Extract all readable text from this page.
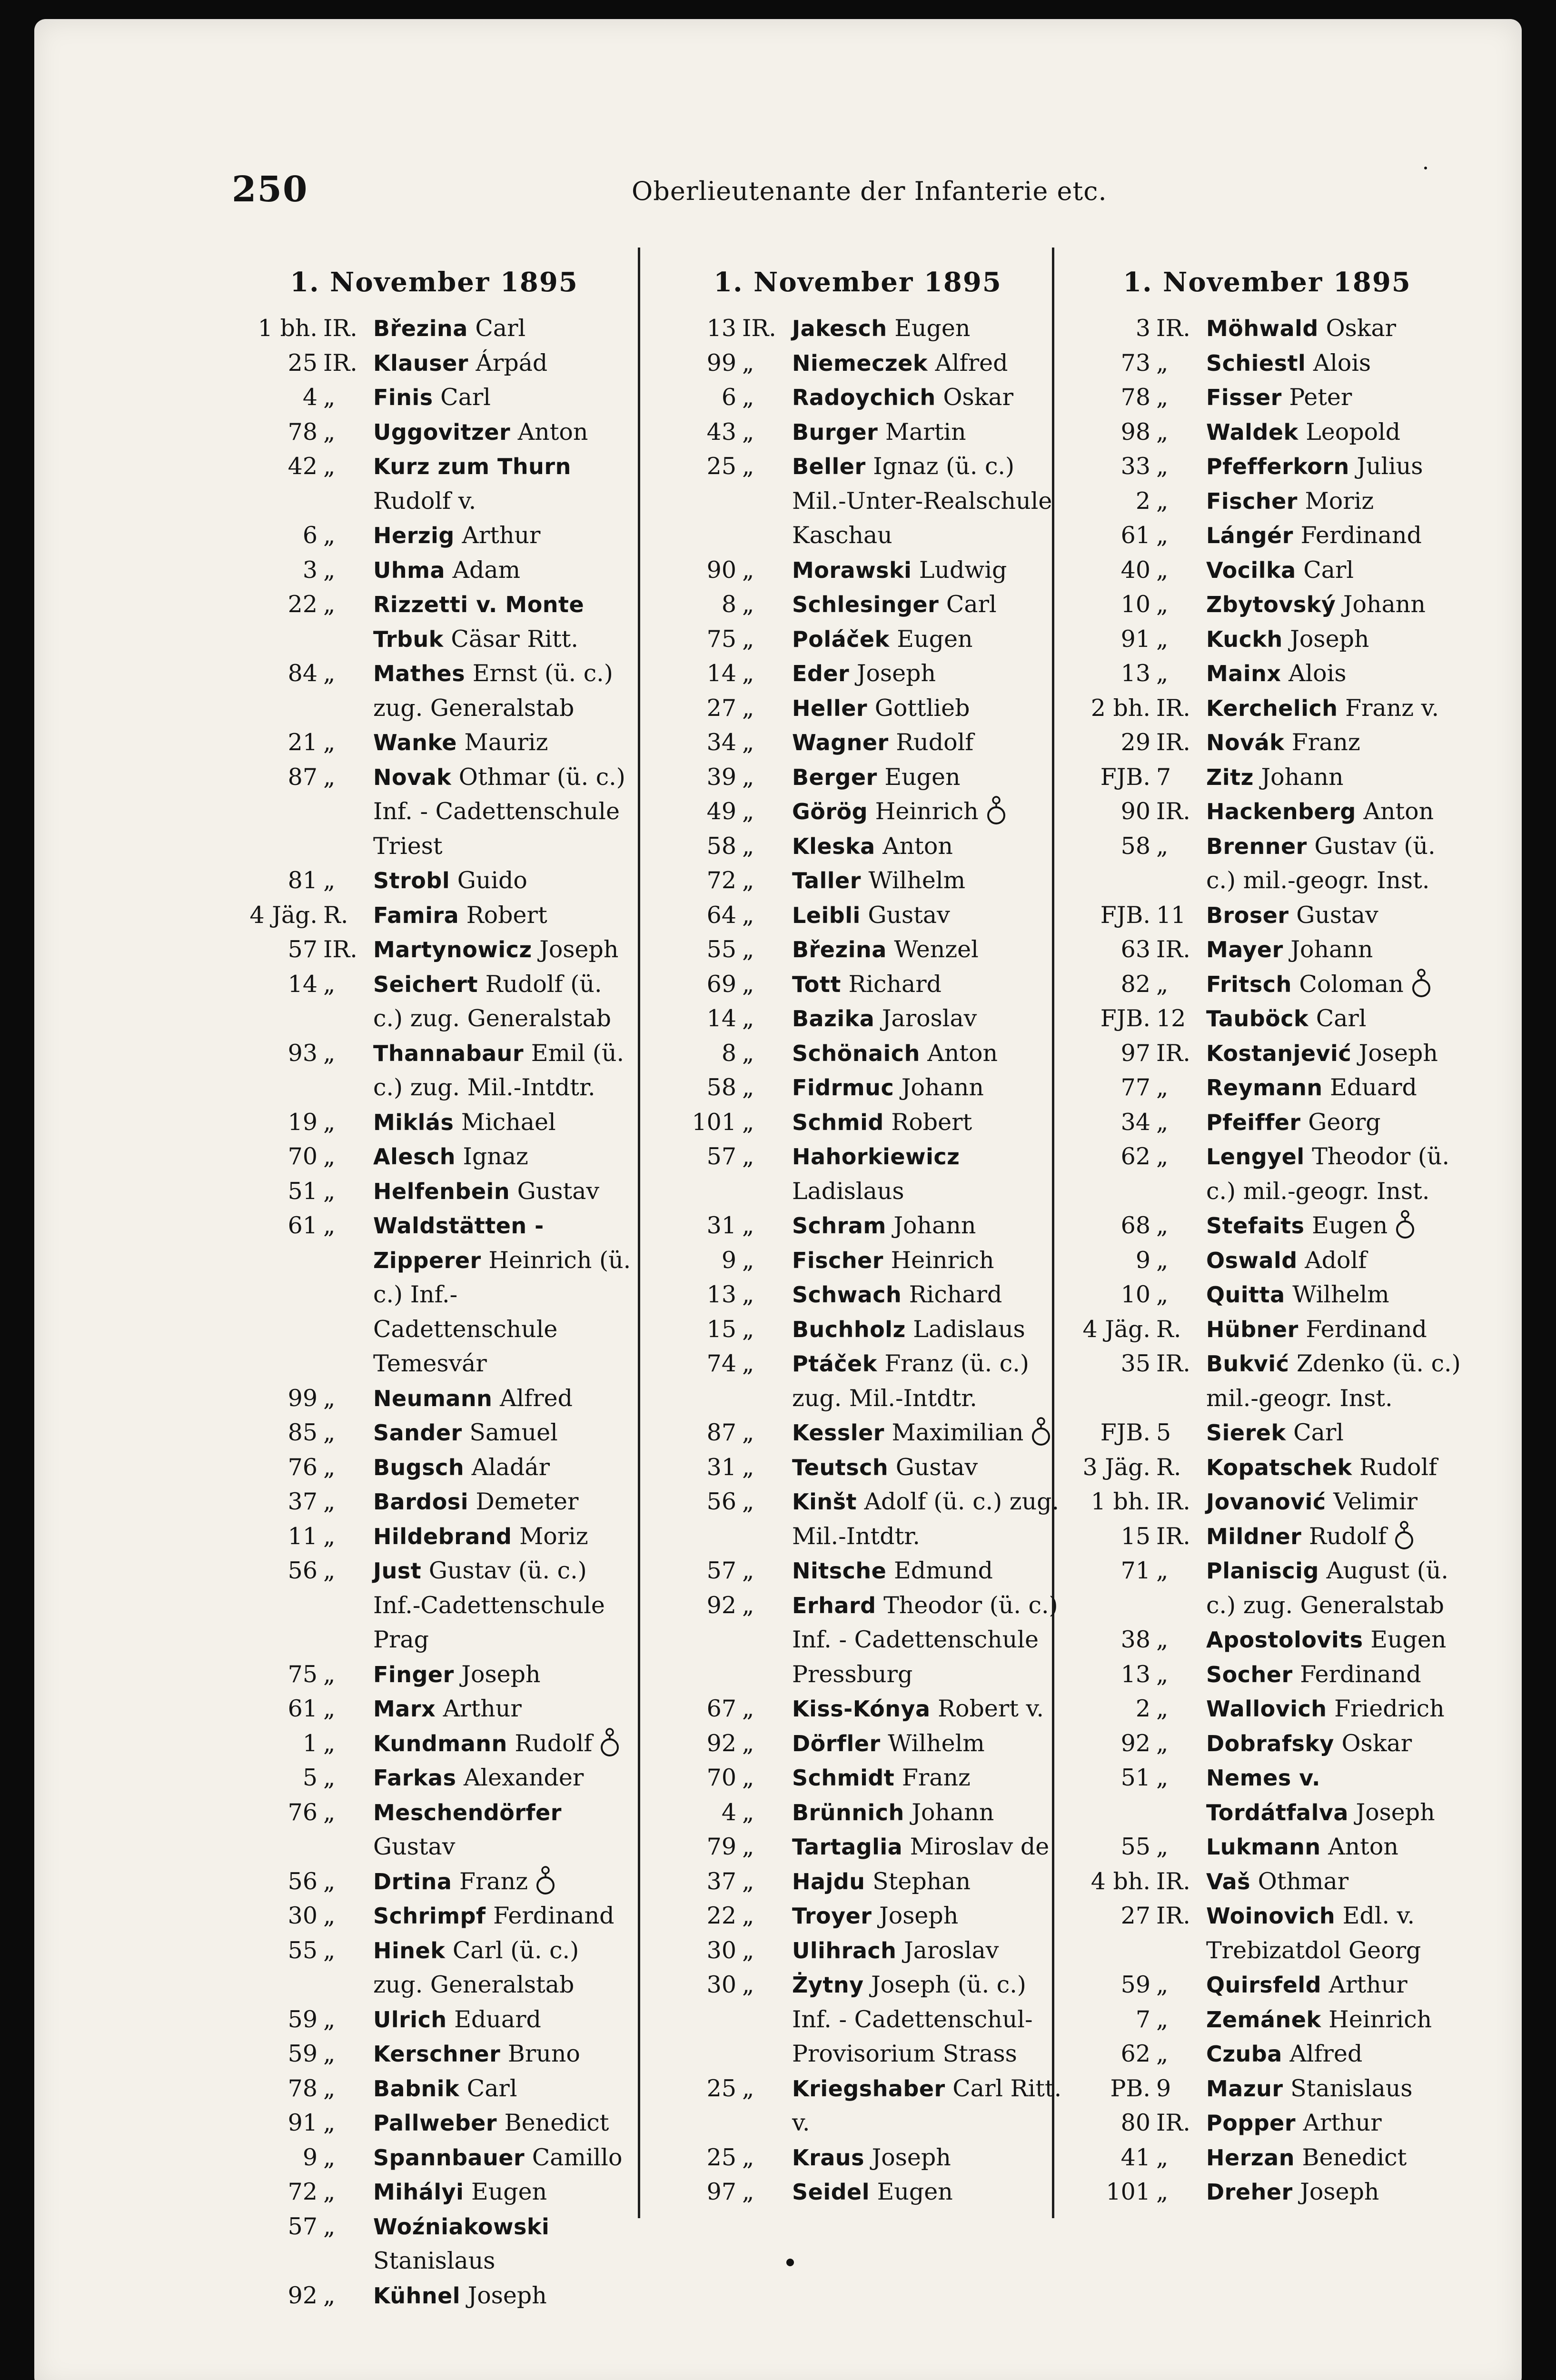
250	Oberlieutenante der Infanterie etc.
1. November 1895
1 bh. IR. Březina Carl
25 IR. Klauser Árpád
4 „	Finis Carl
78 „	Uggovitzer Anton
42 „	Kurz zum Thurn Rudolf v.
6 „	Herzig Arthur
3 „	Uhma Adam
22 „	Rizzetti v. Monte Trbuk Cäsar Ritt.
84 „	Mathes Ernst (ü. c.) zug. Generalstab
21 „	Wanke Mauriz
87 „	Novak Othmar (ü. c.) Inf. - Cadettenschule Triest
81 „	Strobl Guido
4 Jäg. R.	Famira Robert
57 IR. Martynowicz Joseph
14 „	Seichert Rudolf (ü. c.) zug. Generalstab
93 „	Thannabaur Emil (ü. c.) zug. Mil.-Intdtr.
19 „	Miklás Michael
70 „	Alesch Ignaz
51 „	Helfenbein Gustav
61 „	Waldstätten - Zipperer Heinrich (ü. c.) Inf.-Cadettenschule Temesvár
99 „	Neumann Alfred
85 „	Sander Samuel
76 „	Bugsch Aladár
37 „	Bardosi Demeter
11 „	Hildebrand Moriz
56 „	Just Gustav (ü. c.) Inf.-Cadettenschule Prag
75 „	Finger Joseph
61 „	Marx Arthur
1 „	Kundmann Rudolf
5 „	Farkas Alexander
76 „	Meschendörfer Gustav
56 „	Drtina Franz
30 „	Schrimpf Ferdinand
55 „	Hinek Carl (ü. c.) zug. Generalstab
59 „	Ulrich Eduard
59 „	Kerschner Bruno
78 „	Babnik Carl
91 „	Pallweber Benedict
9 „	Spannbauer Camillo
72 „	Mihályi Eugen
57 „	Woźniakowski Stanislaus
92 „	Kühnel Joseph
1. November 1895
13 IR. Jakesch Eugen
99 „	Niemeczek Alfred
6 „	Radoychich Oskar
43 „	Burger Martin
25 „	Beller Ignaz (ü. c.) Mil.-Unter-Realschule Kaschau
90 „	Morawski Ludwig
8 „	Schlesinger Carl
75 „	Poláček Eugen
14 „	Eder Joseph
27 „	Heller Gottlieb
34 „	Wagner Rudolf
39 „	Berger Eugen
49 „	Görög Heinrich
58 „	Kleska Anton
72 „	Taller Wilhelm
64 „	Leibli Gustav
55 „	Březina Wenzel
69 „	Tott Richard
14 „	Bazika Jaroslav
8 „	Schönaich Anton
58 „	Fidrmuc Johann
101 „	Schmid Robert
57 „	Hahorkiewicz Ladislaus
31 „	Schram Johann
9 „	Fischer Heinrich
13 „	Schwach Richard
15 „	Buchholz Ladislaus
74 „	Ptáček Franz (ü. c.) zug. Mil.-Intdtr.
87 „	Kessler Maximilian
31 „	Teutsch Gustav
56 „	Kinšt Adolf (ü. c.) zug. Mil.-Intdtr.
57 „	Nitsche Edmund
92 „	Erhard Theodor (ü. c.) Inf. - Cadettenschule Pressburg
67 „	Kiss-Kónya Robert v.
92 „	Dörfler Wilhelm
70 „	Schmidt Franz
4 „	Brünnich Johann
79 „	Tartaglia Miroslav de
37 „	Hajdu Stephan
22 „	Troyer Joseph
30 „	Ulihrach Jaroslav
30 „	Żytny Joseph (ü. c.) Inf. - Cadettenschul-Provisorium Strass
25 „	Kriegshaber Carl Ritt. v.
25 „	Kraus Joseph
97 „	Seidel Eugen
1. November 1895
3 IR. Möhwald Oskar
73 „	Schiestl Alois
78 „	Fisser Peter
98 „	Waldek Leopold
33 „	Pfefferkorn Julius
2 „	Fischer Moriz
61 „	Lángér Ferdinand
40 „	Vocilka Carl
10 „	Zbytovský Johann
91 „	Kuckh Joseph
13 „	Mainx Alois
2 bh. IR. Kerchelich Franz v.
29 IR. Novák Franz
FJB. 7	Zitz Johann
90 IR. Hackenberg Anton
58 „	Brenner Gustav (ü. c.) mil.-geogr. Inst.
FJB. 11 Broser Gustav
63 IR. Mayer Johann
82 „	Fritsch Coloman
FJB. 12 Tauböck Carl
97 IR. Kostanjević Joseph
77 „	Reymann Eduard
34 „	Pfeiffer Georg
62 „	Lengyel Theodor (ü. c.) mil.-geogr. Inst.
68 „	Stefaits Eugen
9 „	Oswald Adolf
10 „	Quitta Wilhelm
4 Jäg. R.	Hübner Ferdinand
35 IR. Bukvić Zdenko (ü. c.) mil.-geogr. Inst.
FJB. 5	Sierek Carl
3 Jäg. R.	Kopatschek Rudolf
1 bh. IR. Jovanović Velimir
15 IR. Mildner Rudolf
71 „	Planiscig August (ü. c.) zug. Generalstab
38 „	Apostolovits Eugen
13 „	Socher Ferdinand
2 „	Wallovich Friedrich
92 „	Dobrafsky Oskar
51 „	Nemes v. Tordátfalva Joseph
55 „	Lukmann Anton
4 bh. IR. Vaš Othmar
27 IR. Woinovich Edl. v. Trebizatdol Georg
59 „	Quirsfeld Arthur
7 „	Zemánek Heinrich
62 „	Czuba Alfred
PB. 9	Mazur Stanislaus
80 IR. Popper Arthur
41 „	Herzan Benedict
101 „	Dreher Joseph
